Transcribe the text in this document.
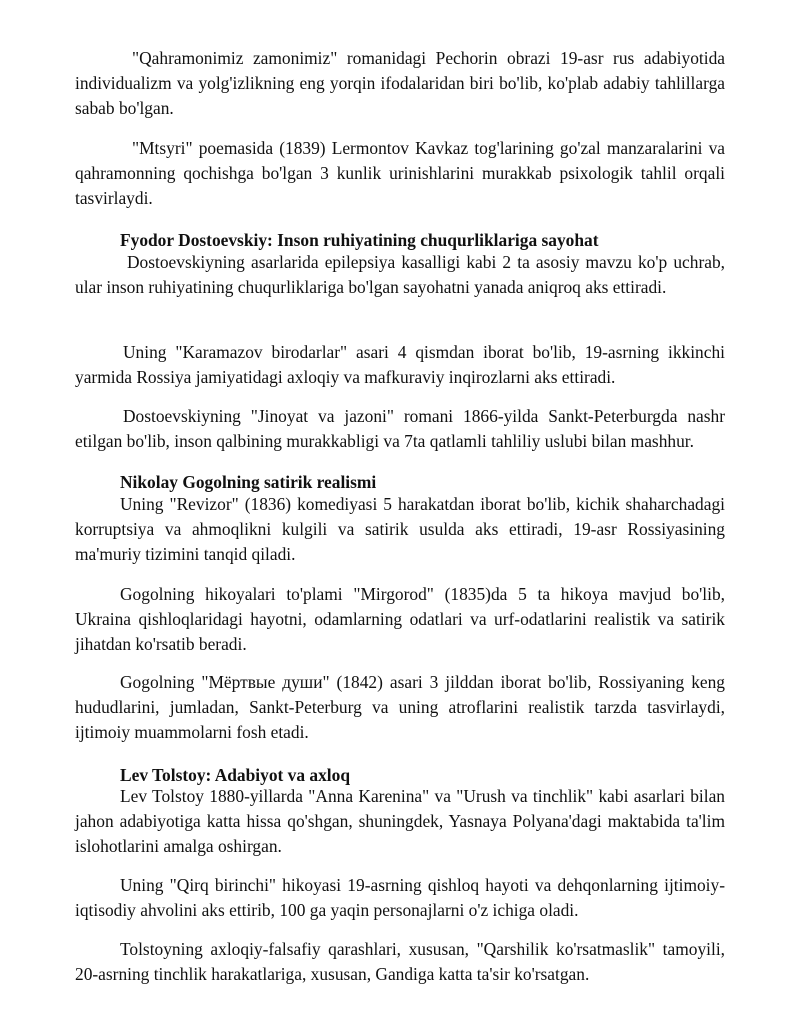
"Qahramonimiz zamonimiz" romanidagi Pechorin obrazi 19-asr rus adabiyotida individualizm va yolg'izlikning eng yorqin ifodalaridan biri bo'lib, ko'plab adabiy tahlillarga sabab bo'lgan.

"Mtsyri" poemasida (1839) Lermontov Kavkaz tog'larining go'zal manzaralarini va qahramonning qochishga bo'lgan 3 kunlik urinishlarini murakkab psixologik tahlil orqali tasvirlaydi.

Fyodor Dostoevskiy: Inson ruhiyatining chuqurliklariga sayohat

Dostoevskiyning asarlarida epilepsiya kasalligi kabi 2 ta asosiy mavzu ko'p uchrab, ular inson ruhiyatining chuqurliklariga bo'lgan sayohatni yanada aniqroq aks ettiradi.

Uning "Karamazov birodarlar" asari 4 qismdan iborat bo'lib, 19-asrning ikkinchi yarmida Rossiya jamiyatidagi axloqiy va mafkuraviy inqirozlarni aks ettiradi.

Dostoevskiyning "Jinoyat va jazoni" romani 1866-yilda Sankt-Peterburgda nashr etilgan bo'lib, inson qalbining murakkabligi va 7ta qatlamli tahliliy uslubi bilan mashhur.

Nikolay Gogolning satirik realismi

Uning "Revizor" (1836) komediyasi 5 harakatdan iborat bo'lib, kichik shaharchadagi korruptsiya va ahmoqlikni kulgili va satirik usulda aks ettiradi, 19-asr Rossiyasining ma'muriy tizimini tanqid qiladi.

Gogolning hikoyalari to'plami "Mirgorod" (1835)da 5 ta hikoya mavjud bo'lib, Ukraina qishloqlaridagi hayotni, odamlarning odatlari va urf-odatlarini realistik va satirik jihatdan ko'rsatib beradi.

Gogolning "Мёртвые души" (1842) asari 3 jilddan iborat bo'lib, Rossiyaning keng hududlarini, jumladan, Sankt-Peterburg va uning atroflarini realistik tarzda tasvirlaydi, ijtimoiy muammolarni fosh etadi.

Lev Tolstoy: Adabiyot va axloq

Lev Tolstoy 1880-yillarda "Anna Karenina" va "Urush va tinchlik" kabi asarlari bilan jahon adabiyotiga katta hissa qo'shgan, shuningdek, Yasnaya Polyana'dagi maktabida ta'lim islohotlarini amalga oshirgan.

Uning "Qirq birinchi" hikoyasi 19-asrning qishloq hayoti va dehqonlarning ijtimoiy-iqtisodiy ahvolini aks ettirib, 100 ga yaqin personajlarni o'z ichiga oladi.

Tolstoyning axloqiy-falsafiy qarashlari, xususan, "Qarshilik ko'rsatmaslik" tamoyili, 20-asrning tinchlik harakatlariga, xususan, Gandiga katta ta'sir ko'rsatgan.
